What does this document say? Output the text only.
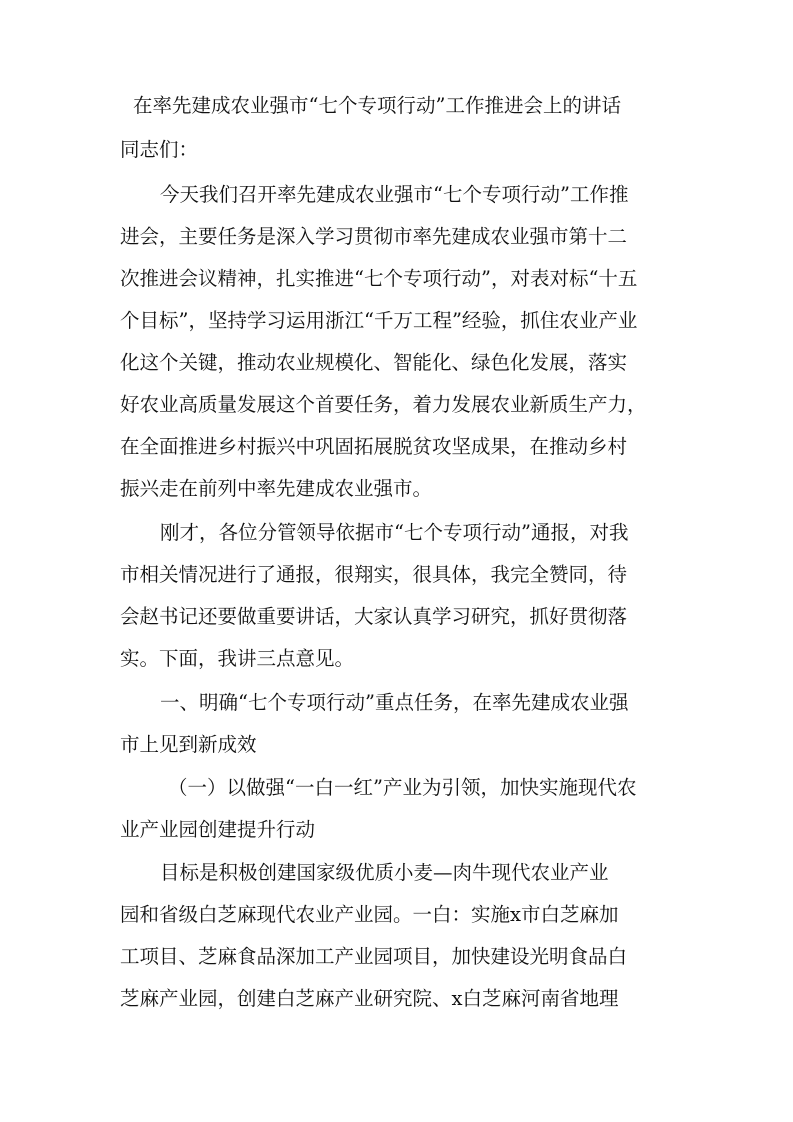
在率先建成农业强市“七个专项行动”工作推进会上的讲话
同志们：
今天我们召开率先建成农业强市“七个专项行动”工作推
进会，主要任务是深入学习贯彻市率先建成农业强市第十二
次推进会议精神，扎实推进“七个专项行动”，对表对标“十五
个目标”，坚持学习运用浙江“千万工程”经验，抓住农业产业
化这个关键，推动农业规模化、智能化、绿色化发展，落实
好农业高质量发展这个首要任务，着力发展农业新质生产力，
在全面推进乡村振兴中巩固拓展脱贫攻坚成果，在推动乡村
振兴走在前列中率先建成农业强市。
刚才，各位分管领导依据市“七个专项行动”通报，对我
市相关情况进行了通报，很翔实，很具体，我完全赞同，待
会赵书记还要做重要讲话，大家认真学习研究，抓好贯彻落
实。下面，我讲三点意见。
一、明确“七个专项行动”重点任务，在率先建成农业强
市上见到新成效
（一）以做强“一白一红”产业为引领，加快实施现代农
业产业园创建提升行动
目标是积极创建国家级优质小麦—肉牛现代农业产业
园和省级白芝麻现代农业产业园。一白：实施x市白芝麻加
工项目、芝麻食品深加工产业园项目，加快建设光明食品白
芝麻产业园，创建白芝麻产业研究院、x白芝麻河南省地理
